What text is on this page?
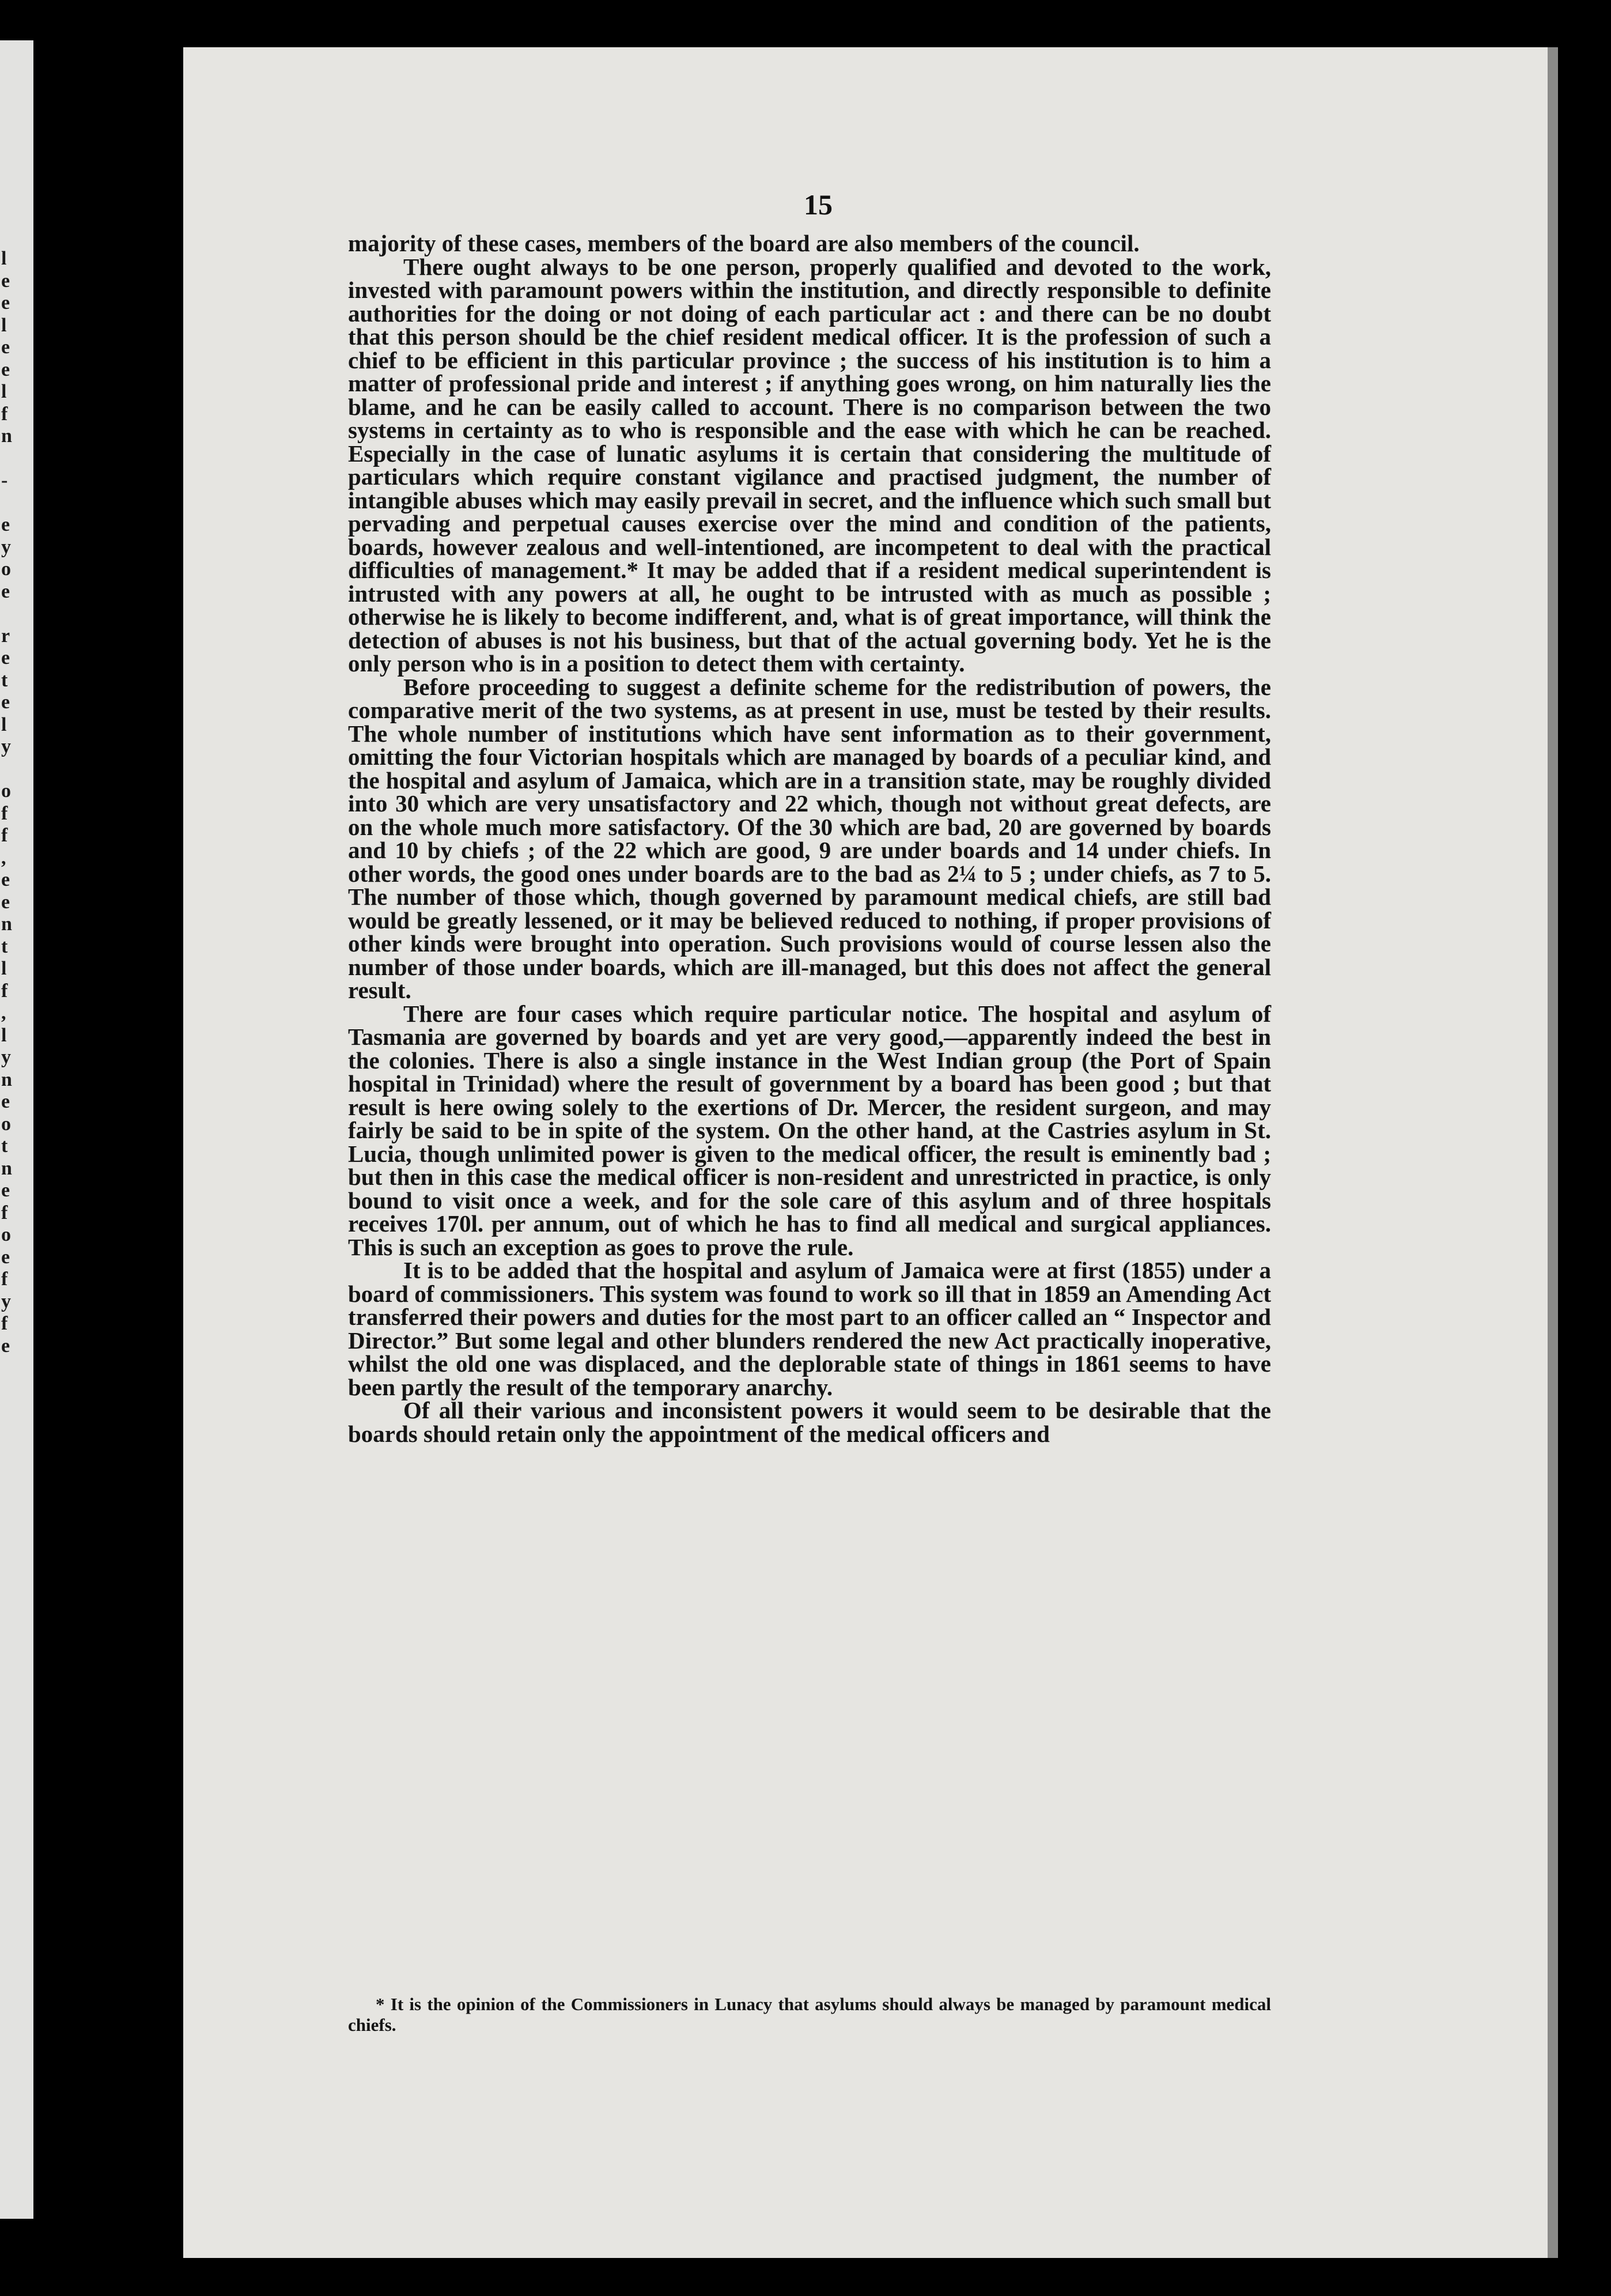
l
e
e
l
e
e
l
f
n

-

e
y
o
e

r
e
t
e
l
y

o
f
f
,
e
e
n
t
l
f
,
l
y
n
e
o
t
n
e
f
o
e
f
y
f
e
15

majority of these cases, members of the board are also members of the council.

There ought always to be one person, properly qualified and devoted to the work, invested with paramount powers within the institution, and directly responsible to definite authorities for the doing or not doing of each particular act : and there can be no doubt that this person should be the chief resident medical officer. It is the profession of such a chief to be efficient in this particular province ; the success of his institution is to him a matter of professional pride and interest ; if anything goes wrong, on him naturally lies the blame, and he can be easily called to account. There is no comparison between the two systems in certainty as to who is responsible and the ease with which he can be reached. Especially in the case of lunatic asylums it is certain that considering the multitude of particulars which require constant vigilance and practised judgment, the number of intangible abuses which may easily prevail in secret, and the influence which such small but pervading and perpetual causes exercise over the mind and condition of the patients, boards, however zealous and well-intentioned, are incompetent to deal with the practical difficulties of management.* It may be added that if a resident medical superintendent is intrusted with any powers at all, he ought to be intrusted with as much as possible ; otherwise he is likely to become indifferent, and, what is of great importance, will think the detection of abuses is not his business, but that of the actual governing body. Yet he is the only person who is in a position to detect them with certainty.

Before proceeding to suggest a definite scheme for the redistribution of powers, the comparative merit of the two systems, as at present in use, must be tested by their results. The whole number of institutions which have sent information as to their government, omitting the four Victorian hospitals which are managed by boards of a peculiar kind, and the hospital and asylum of Jamaica, which are in a transition state, may be roughly divided into 30 which are very unsatisfactory and 22 which, though not without great defects, are on the whole much more satisfactory. Of the 30 which are bad, 20 are governed by boards and 10 by chiefs ; of the 22 which are good, 9 are under boards and 14 under chiefs. In other words, the good ones under boards are to the bad as 2¼ to 5 ; under chiefs, as 7 to 5. The number of those which, though governed by paramount medical chiefs, are still bad would be greatly lessened, or it may be believed reduced to nothing, if proper provisions of other kinds were brought into operation. Such provisions would of course lessen also the number of those under boards, which are ill-managed, but this does not affect the general result.

There are four cases which require particular notice. The hospital and asylum of Tasmania are governed by boards and yet are very good,—apparently indeed the best in the colonies. There is also a single instance in the West Indian group (the Port of Spain hospital in Trinidad) where the result of government by a board has been good ; but that result is here owing solely to the exertions of Dr. Mercer, the resident surgeon, and may fairly be said to be in spite of the system. On the other hand, at the Castries asylum in St. Lucia, though unlimited power is given to the medical officer, the result is eminently bad ; but then in this case the medical officer is non-resident and unrestricted in practice, is only bound to visit once a week, and for the sole care of this asylum and of three hospitals receives 170l. per annum, out of which he has to find all medical and surgical appliances. This is such an exception as goes to prove the rule.

It is to be added that the hospital and asylum of Jamaica were at first (1855) under a board of commissioners. This system was found to work so ill that in 1859 an Amending Act transferred their powers and duties for the most part to an officer called an “ Inspector and Director.” But some legal and other blunders rendered the new Act practically inoperative, whilst the old one was displaced, and the deplorable state of things in 1861 seems to have been partly the result of the temporary anarchy.

Of all their various and inconsistent powers it would seem to be desirable that the boards should retain only the appointment of the medical officers and

* It is the opinion of the Commissioners in Lunacy that asylums should always be managed by paramount medical chiefs.
